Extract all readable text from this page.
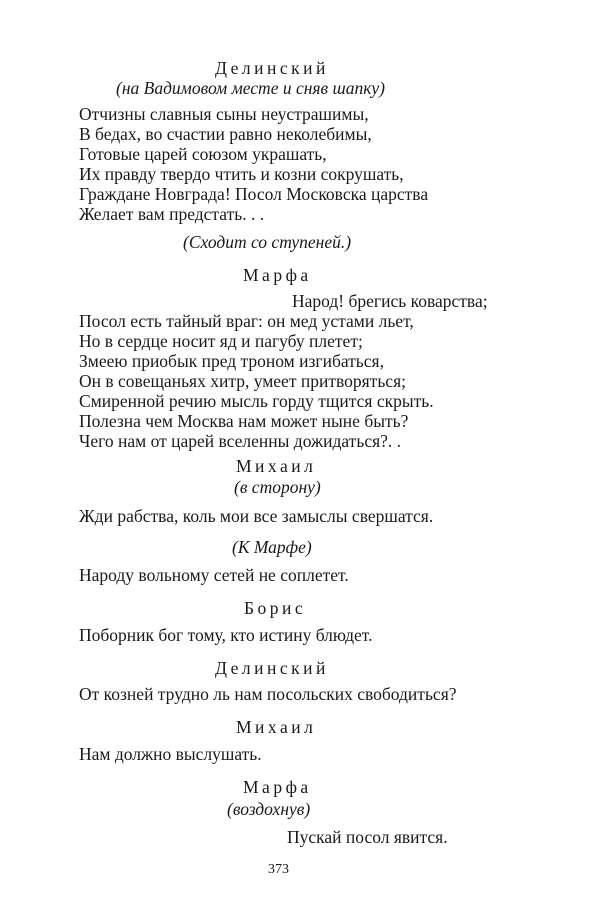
Делинский
(на Вадимовом месте и сняв шапку)
Отчизны славныя сыны неустрашимы,
В бедах, во счастии равно неколебимы,
Готовые царей союзом украшать,
Их правду твердо чтить и козни сокрушать,
Граждане Новграда! Посол Московска царства
Желает вам предстать. . .
(Сходит со ступеней.)
Марфа
Народ! брегись коварства;
Посол есть тайный враг: он мед устами льет,
Но в сердце носит яд и пагубу плетет;
Змеею приобык пред троном изгибаться,
Он в совещаньях хитр, умеет притворяться;
Смиренной речию мысль горду тщится скрыть.
Полезна чем Москва нам может ныне быть?
Чего нам от царей вселенны дожидаться?. .
Михаил
(в сторону)
Жди рабства, коль мои все замыслы свершатся.
(К Марфе)
Народу вольному сетей не соплетет.
Борис
Поборник бог тому, кто истину блюдет.
Делинский
От козней трудно ль нам посольских свободиться?
Михаил
Нам должно выслушать.
Марфа
(воздохнув)
Пускай посол явится.
373
